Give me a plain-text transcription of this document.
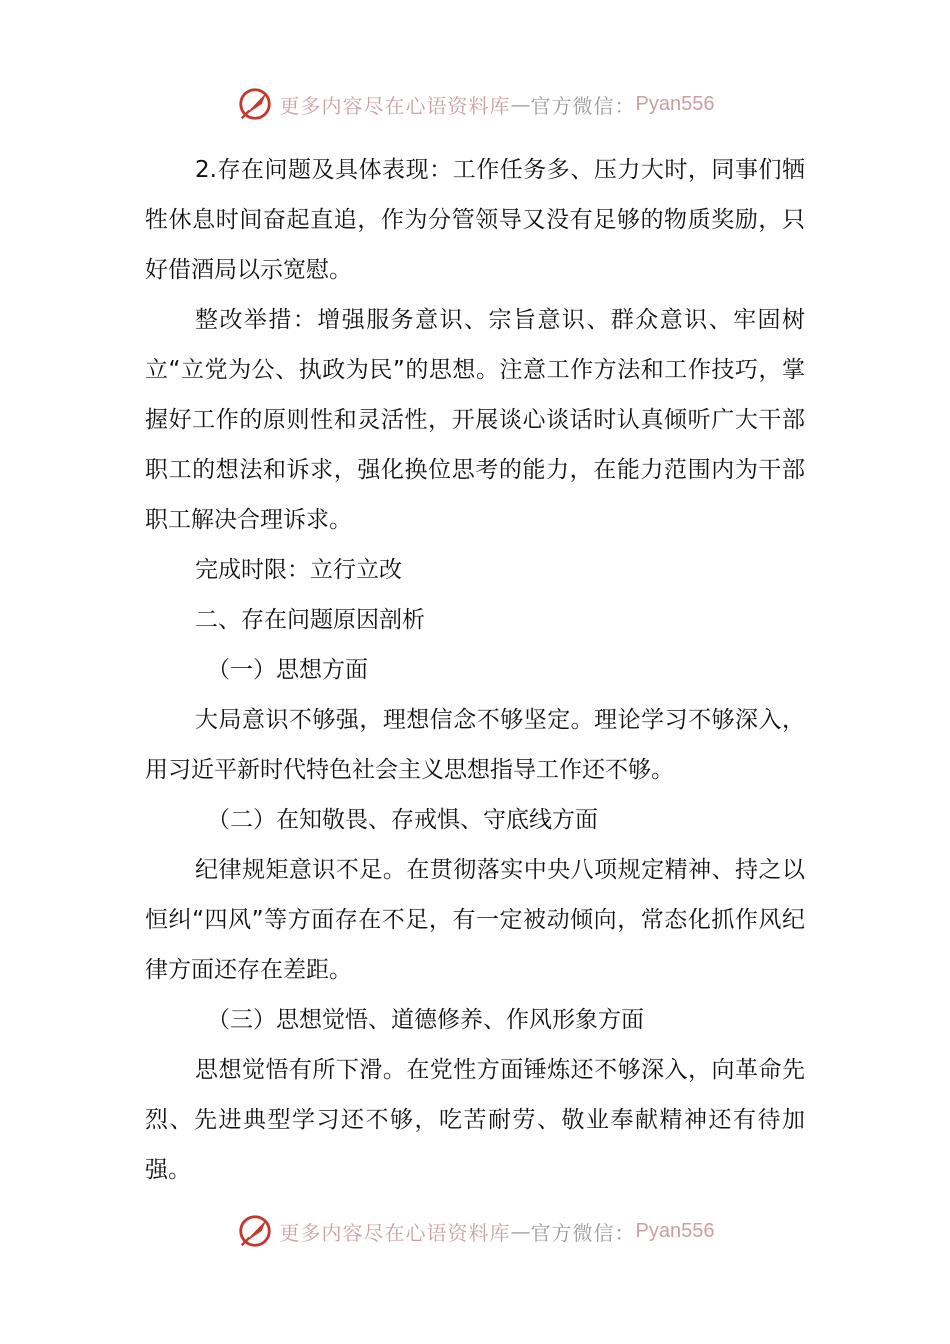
更多内容尽在心语资料库 — 官方微信： Pyan556

2.存在问题及具体表现：工作任务多、压力大时，同事们牺牲休息时间奋起直追，作为分管领导又没有足够的物质奖励，只好借酒局以示宽慰。

整改举措：增强服务意识、宗旨意识、群众意识、牢固树立“立党为公、执政为民”的思想。注意工作方法和工作技巧，掌握好工作的原则性和灵活性，开展谈心谈话时认真倾听广大干部职工的想法和诉求，强化换位思考的能力，在能力范围内为干部职工解决合理诉求。

完成时限：立行立改

二、存在问题原因剖析

（一）思想方面

大局意识不够强，理想信念不够坚定。理论学习不够深入，用习近平新时代特色社会主义思想指导工作还不够。

（二）在知敬畏、存戒惧、守底线方面

纪律规矩意识不足。在贯彻落实中央八项规定精神、持之以恒纠“四风”等方面存在不足，有一定被动倾向，常态化抓作风纪律方面还存在差距。

（三）思想觉悟、道德修养、作风形象方面

思想觉悟有所下滑。在党性方面锤炼还不够深入，向革命先烈、先进典型学习还不够，吃苦耐劳、敬业奉献精神还有待加强。

更多内容尽在心语资料库 — 官方微信： Pyan556
